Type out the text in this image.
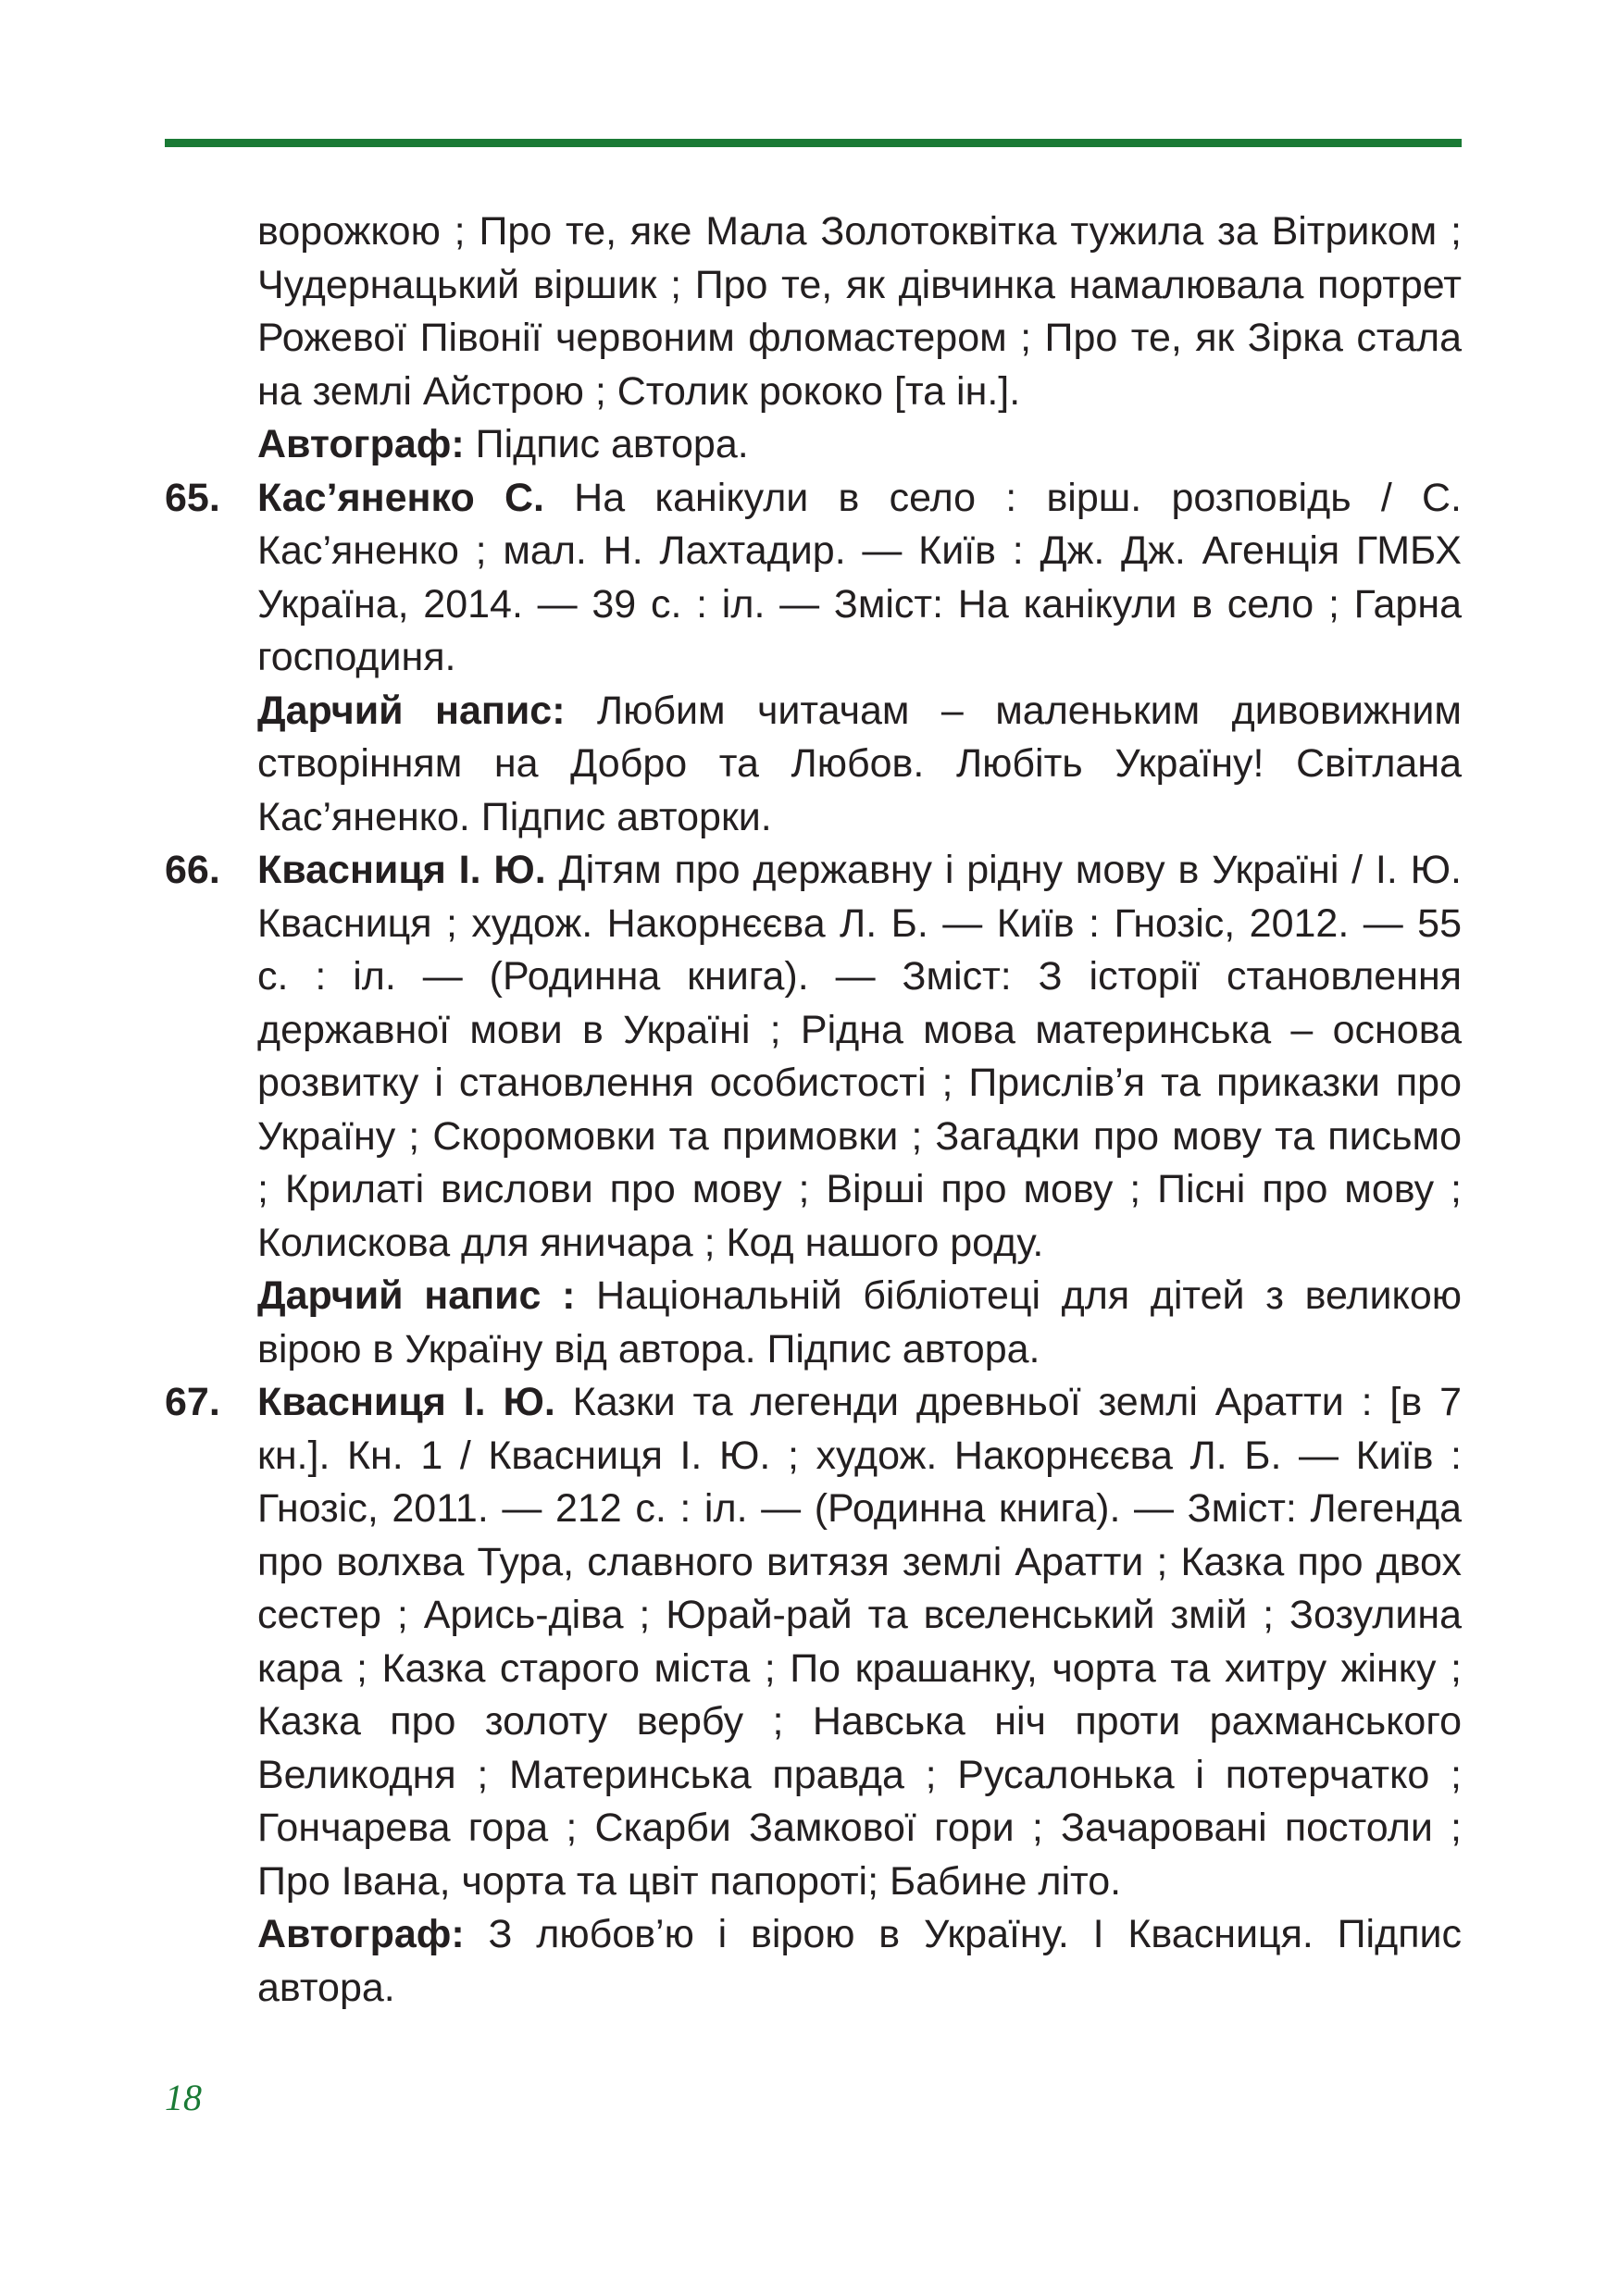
ворожкою ; Про те, яке Мала Золотоквітка тужила за Вітриком ; Чудернацький віршик ; Про те, як дівчинка намалювала портрет Рожевої Півонії червоним фломастером ; Про те, як Зірка стала на землі Айстрою ; Столик рококо [та ін.].

Автограф: Підпис автора.

65. Кас’яненко С. На канікули в село : вірш. розповідь / С. Кас’яненко ; мал. Н. Лахтадир. — Київ : Дж. Дж. Агенція ГМБХ Україна, 2014. — 39 с. : іл. — Зміст: На канікули в село ; Гарна господиня.

Дарчий напис: Любим читачам – маленьким дивовижним створінням на Добро та Любов. Любіть Україну! Світлана Кас’яненко. Підпис авторки.

66. Квасниця І. Ю. Дітям про державну і рідну мову в Україні / І. Ю. Квасниця ; худож. Накорнєєва Л. Б. — Київ : Гнозіс, 2012. — 55 с. : іл. — (Родинна книга). — Зміст: З історії становлення державної мови в Україні ; Рідна мова материнська – основа розвитку і становлення особистості ; Прислів’я та приказки про Україну ; Скоромовки та примовки ; Загадки про мову та письмо ; Крилаті вислови про мову ; Вірші про мову ; Пісні про мову ; Колискова для яничара ; Код нашого роду.

Дарчий напис : Національній бібліотеці для дітей з великою вірою в Україну від автора. Підпис автора.

67. Квасниця І. Ю. Казки та легенди древньої землі Аратти : [в 7 кн.]. Кн. 1 / Квасниця І. Ю. ; худож. Накорнєєва Л. Б. — Київ : Гнозіс, 2011. — 212 с. : іл. — (Родинна книга). — Зміст: Легенда про волхва Тура, славного витязя землі Аратти ; Казка про двох сестер ; Арись-діва ; Юрай-рай та вселенський змій ; Зозулина кара ; Казка старого міста ; По крашанку, чорта та хитру жінку ; Казка про золоту вербу ; Навська ніч проти рахманського Великодня ; Материнська правда ; Русалонька і потерчатко ; Гончарева гора ; Скарби Замкової гори ; Зачаровані постоли ; Про Івана, чорта та цвіт папороті; Бабине літо.

Автограф: З любов’ю і вірою в Україну. І Квасниця. Підпис автора.

18
